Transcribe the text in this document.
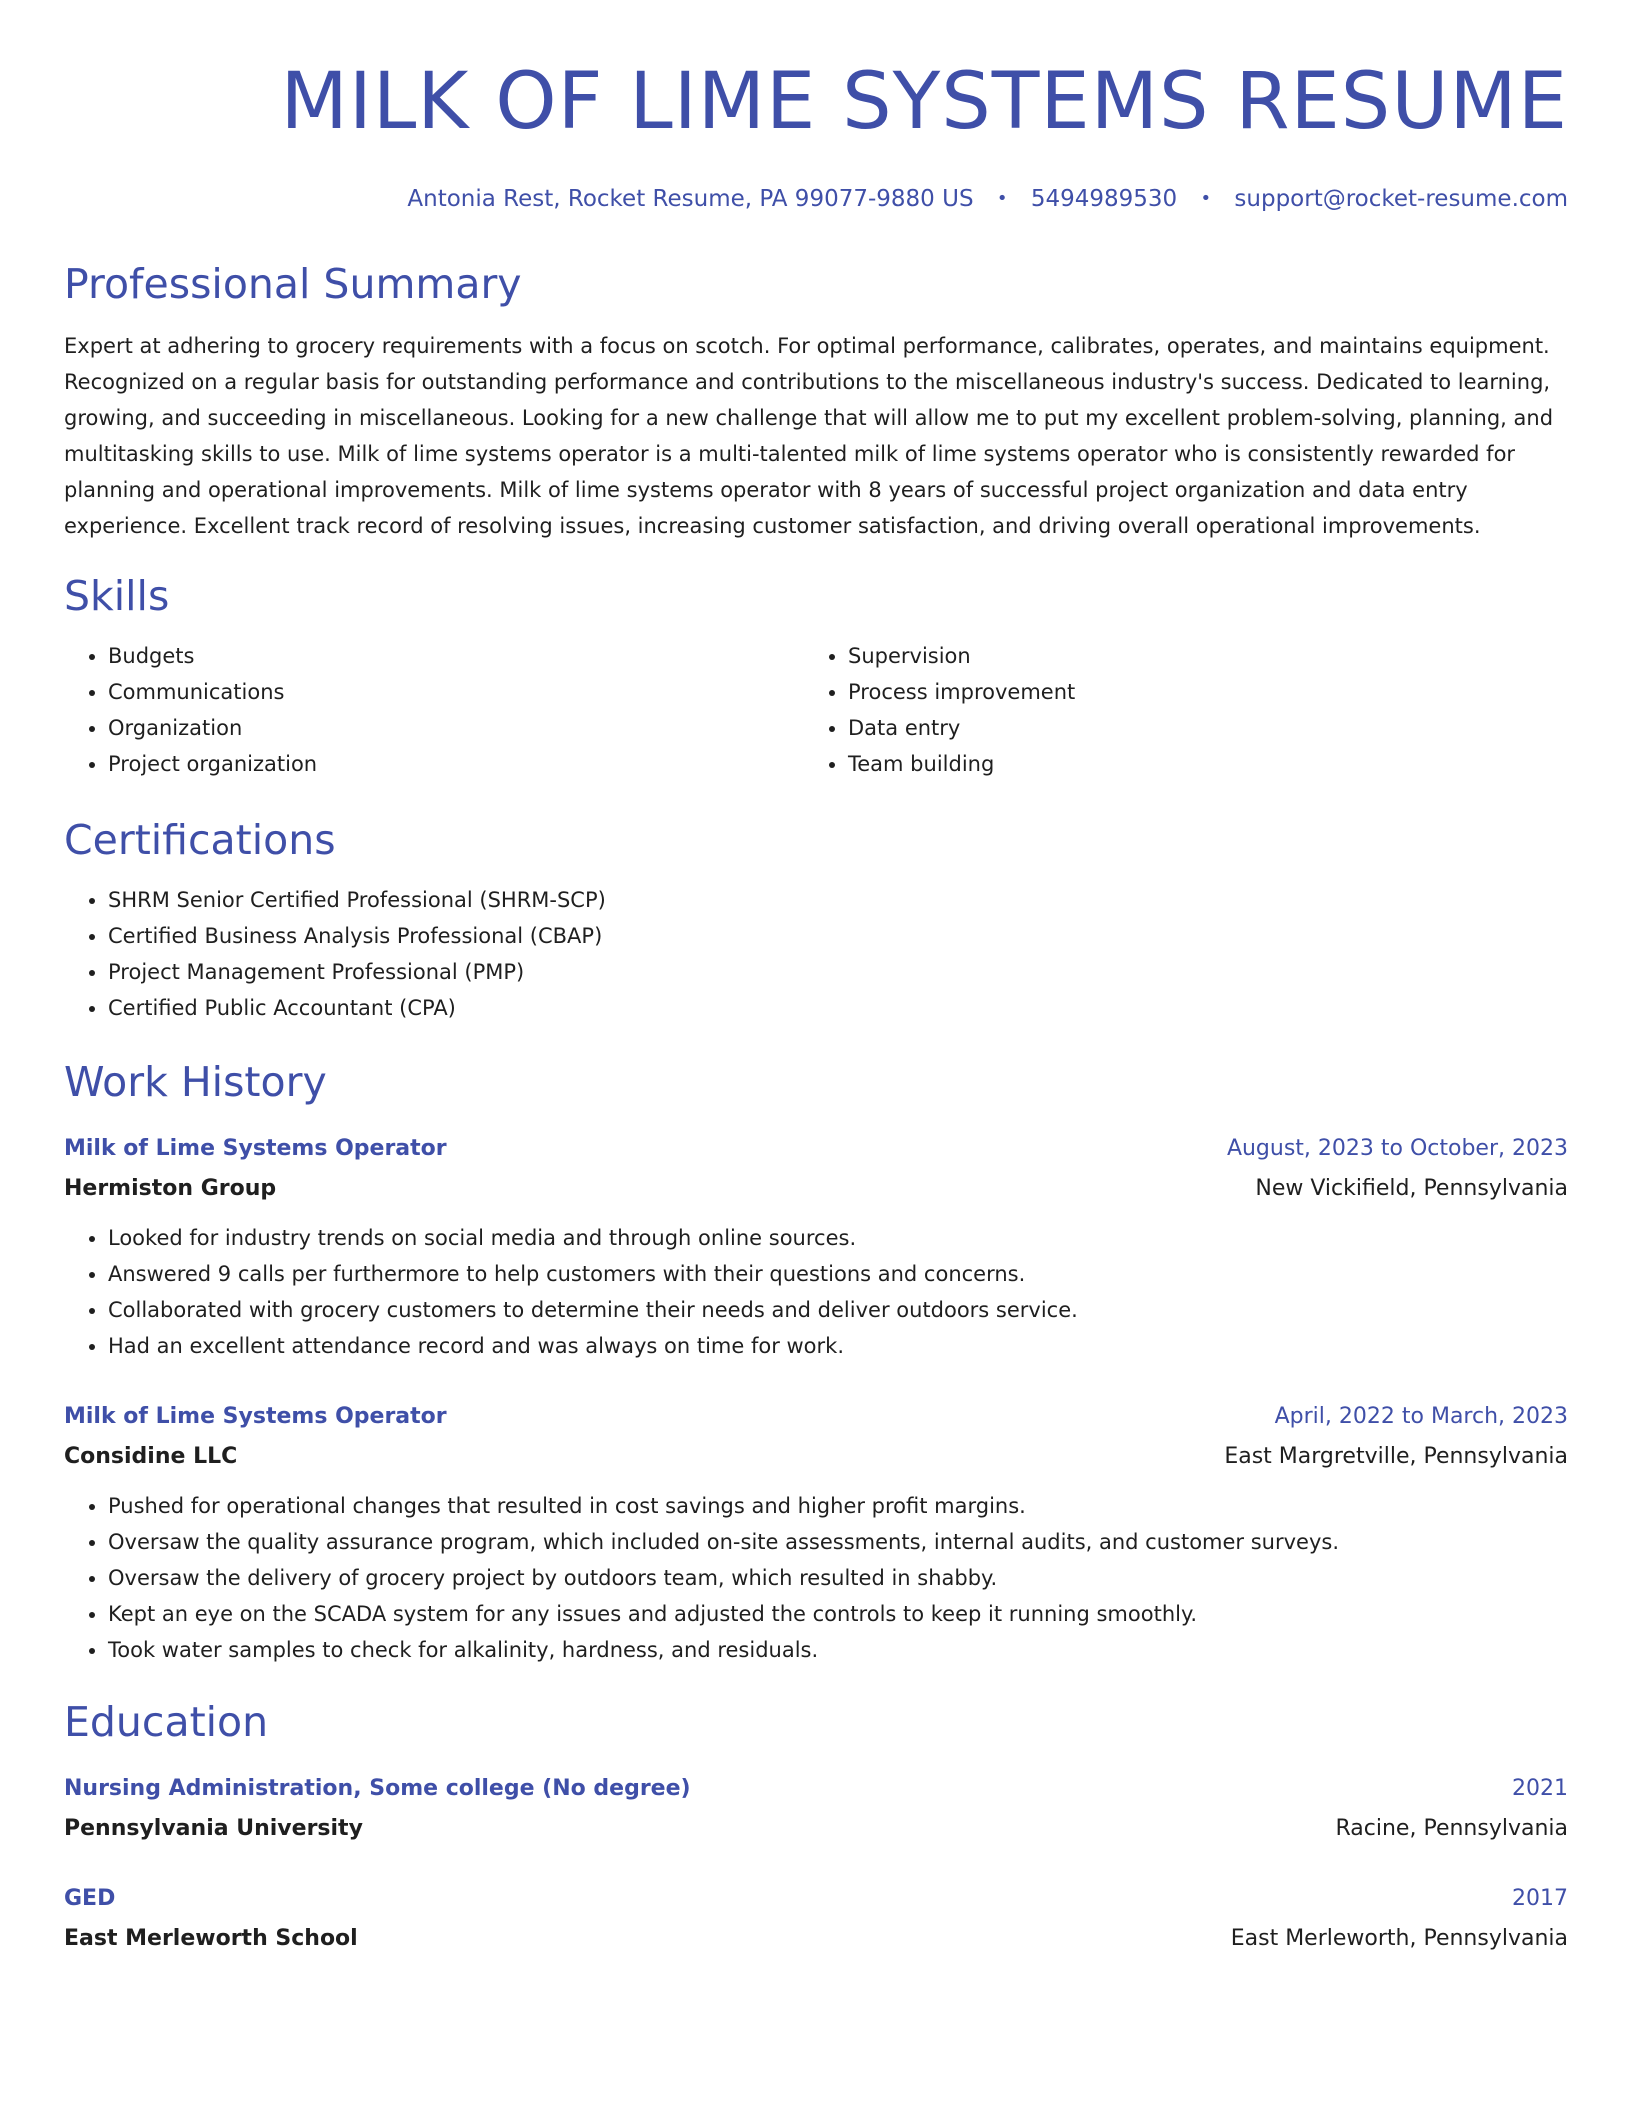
MILK OF LIME SYSTEMS RESUME
Antonia Rest, Rocket Resume, PA 99077-9880 US • 5494989530 • support@rocket-resume.com
Professional Summary

Expert at adhering to grocery requirements with a focus on scotch. For optimal performance, calibrates, operates, and maintains equipment. Recognized on a regular basis for outstanding performance and contributions to the miscellaneous industry's success. Dedicated to learning, growing, and succeeding in miscellaneous. Looking for a new challenge that will allow me to put my excellent problem-solving, planning, and multitasking skills to use. Milk of lime systems operator is a multi-talented milk of lime systems operator who is consistently rewarded for planning and operational improvements. Milk of lime systems operator with 8 years of successful project organization and data entry experience. Excellent track record of resolving issues, increasing customer satisfaction, and driving overall operational improvements.

Skills
• Budgets
• Communications
• Organization
• Project organization
• Supervision
• Process improvement
• Data entry
• Team building
Certifications
• SHRM Senior Certified Professional (SHRM-SCP)
• Certified Business Analysis Professional (CBAP)
• Project Management Professional (PMP)
• Certified Public Accountant (CPA)
Work History
Milk of Lime Systems Operator	August, 2023 to October, 2023
Hermiston Group	New Vickifield, Pennsylvania
• Looked for industry trends on social media and through online sources.
• Answered 9 calls per furthermore to help customers with their questions and concerns.
• Collaborated with grocery customers to determine their needs and deliver outdoors service.
• Had an excellent attendance record and was always on time for work.
Milk of Lime Systems Operator	April, 2022 to March, 2023
Considine LLC	East Margretville, Pennsylvania
• Pushed for operational changes that resulted in cost savings and higher profit margins.
• Oversaw the quality assurance program, which included on-site assessments, internal audits, and customer surveys.
• Oversaw the delivery of grocery project by outdoors team, which resulted in shabby.
• Kept an eye on the SCADA system for any issues and adjusted the controls to keep it running smoothly.
• Took water samples to check for alkalinity, hardness, and residuals.
Education
Nursing Administration, Some college (No degree)	2021
Pennsylvania University	Racine, Pennsylvania
GED	2017
East Merleworth School	East Merleworth, Pennsylvania
